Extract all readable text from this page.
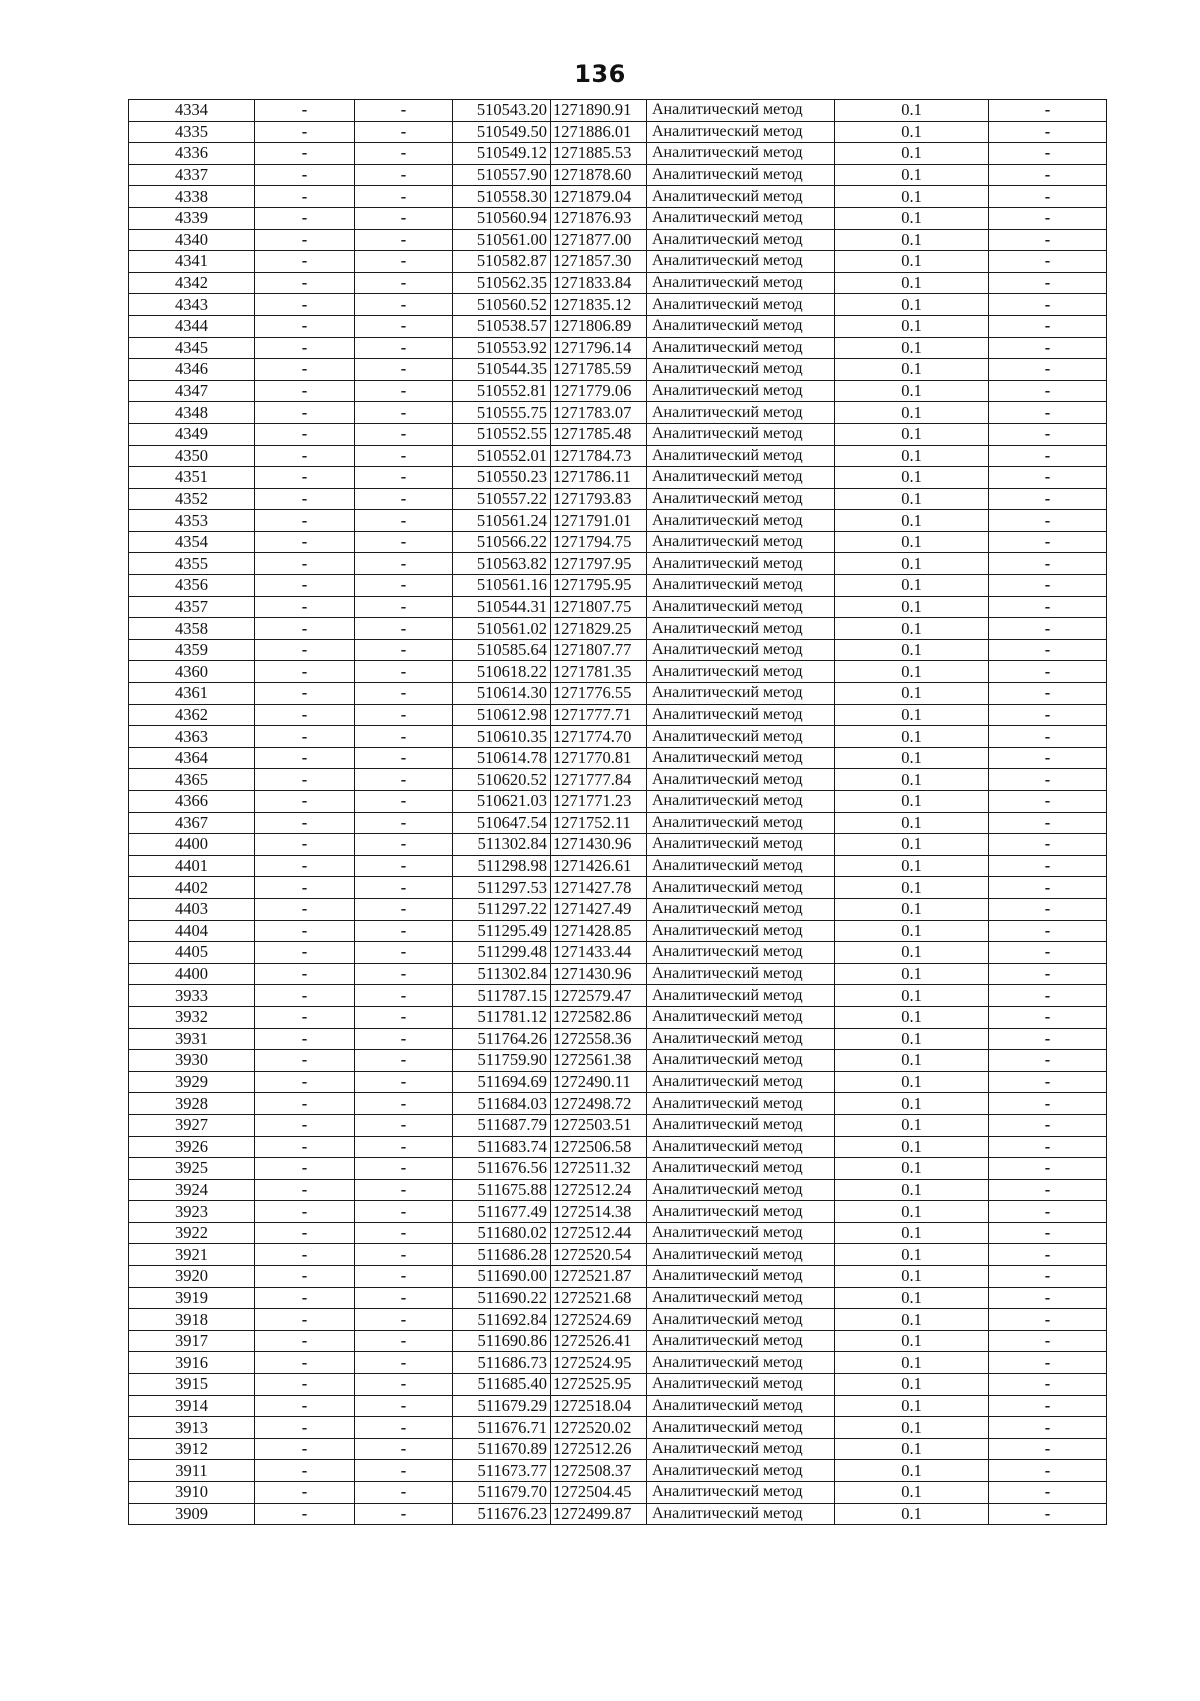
136
4334	-	-	510543.20	1271890.91	Аналитический метод	0.1	-
4335	-	-	510549.50	1271886.01	Аналитический метод	0.1	-
4336	-	-	510549.12	1271885.53	Аналитический метод	0.1	-
4337	-	-	510557.90	1271878.60	Аналитический метод	0.1	-
4338	-	-	510558.30	1271879.04	Аналитический метод	0.1	-
4339	-	-	510560.94	1271876.93	Аналитический метод	0.1	-
4340	-	-	510561.00	1271877.00	Аналитический метод	0.1	-
4341	-	-	510582.87	1271857.30	Аналитический метод	0.1	-
4342	-	-	510562.35	1271833.84	Аналитический метод	0.1	-
4343	-	-	510560.52	1271835.12	Аналитический метод	0.1	-
4344	-	-	510538.57	1271806.89	Аналитический метод	0.1	-
4345	-	-	510553.92	1271796.14	Аналитический метод	0.1	-
4346	-	-	510544.35	1271785.59	Аналитический метод	0.1	-
4347	-	-	510552.81	1271779.06	Аналитический метод	0.1	-
4348	-	-	510555.75	1271783.07	Аналитический метод	0.1	-
4349	-	-	510552.55	1271785.48	Аналитический метод	0.1	-
4350	-	-	510552.01	1271784.73	Аналитический метод	0.1	-
4351	-	-	510550.23	1271786.11	Аналитический метод	0.1	-
4352	-	-	510557.22	1271793.83	Аналитический метод	0.1	-
4353	-	-	510561.24	1271791.01	Аналитический метод	0.1	-
4354	-	-	510566.22	1271794.75	Аналитический метод	0.1	-
4355	-	-	510563.82	1271797.95	Аналитический метод	0.1	-
4356	-	-	510561.16	1271795.95	Аналитический метод	0.1	-
4357	-	-	510544.31	1271807.75	Аналитический метод	0.1	-
4358	-	-	510561.02	1271829.25	Аналитический метод	0.1	-
4359	-	-	510585.64	1271807.77	Аналитический метод	0.1	-
4360	-	-	510618.22	1271781.35	Аналитический метод	0.1	-
4361	-	-	510614.30	1271776.55	Аналитический метод	0.1	-
4362	-	-	510612.98	1271777.71	Аналитический метод	0.1	-
4363	-	-	510610.35	1271774.70	Аналитический метод	0.1	-
4364	-	-	510614.78	1271770.81	Аналитический метод	0.1	-
4365	-	-	510620.52	1271777.84	Аналитический метод	0.1	-
4366	-	-	510621.03	1271771.23	Аналитический метод	0.1	-
4367	-	-	510647.54	1271752.11	Аналитический метод	0.1	-
4400	-	-	511302.84	1271430.96	Аналитический метод	0.1	-
4401	-	-	511298.98	1271426.61	Аналитический метод	0.1	-
4402	-	-	511297.53	1271427.78	Аналитический метод	0.1	-
4403	-	-	511297.22	1271427.49	Аналитический метод	0.1	-
4404	-	-	511295.49	1271428.85	Аналитический метод	0.1	-
4405	-	-	511299.48	1271433.44	Аналитический метод	0.1	-
4400	-	-	511302.84	1271430.96	Аналитический метод	0.1	-
3933	-	-	511787.15	1272579.47	Аналитический метод	0.1	-
3932	-	-	511781.12	1272582.86	Аналитический метод	0.1	-
3931	-	-	511764.26	1272558.36	Аналитический метод	0.1	-
3930	-	-	511759.90	1272561.38	Аналитический метод	0.1	-
3929	-	-	511694.69	1272490.11	Аналитический метод	0.1	-
3928	-	-	511684.03	1272498.72	Аналитический метод	0.1	-
3927	-	-	511687.79	1272503.51	Аналитический метод	0.1	-
3926	-	-	511683.74	1272506.58	Аналитический метод	0.1	-
3925	-	-	511676.56	1272511.32	Аналитический метод	0.1	-
3924	-	-	511675.88	1272512.24	Аналитический метод	0.1	-
3923	-	-	511677.49	1272514.38	Аналитический метод	0.1	-
3922	-	-	511680.02	1272512.44	Аналитический метод	0.1	-
3921	-	-	511686.28	1272520.54	Аналитический метод	0.1	-
3920	-	-	511690.00	1272521.87	Аналитический метод	0.1	-
3919	-	-	511690.22	1272521.68	Аналитический метод	0.1	-
3918	-	-	511692.84	1272524.69	Аналитический метод	0.1	-
3917	-	-	511690.86	1272526.41	Аналитический метод	0.1	-
3916	-	-	511686.73	1272524.95	Аналитический метод	0.1	-
3915	-	-	511685.40	1272525.95	Аналитический метод	0.1	-
3914	-	-	511679.29	1272518.04	Аналитический метод	0.1	-
3913	-	-	511676.71	1272520.02	Аналитический метод	0.1	-
3912	-	-	511670.89	1272512.26	Аналитический метод	0.1	-
3911	-	-	511673.77	1272508.37	Аналитический метод	0.1	-
3910	-	-	511679.70	1272504.45	Аналитический метод	0.1	-
3909	-	-	511676.23	1272499.87	Аналитический метод	0.1	-
